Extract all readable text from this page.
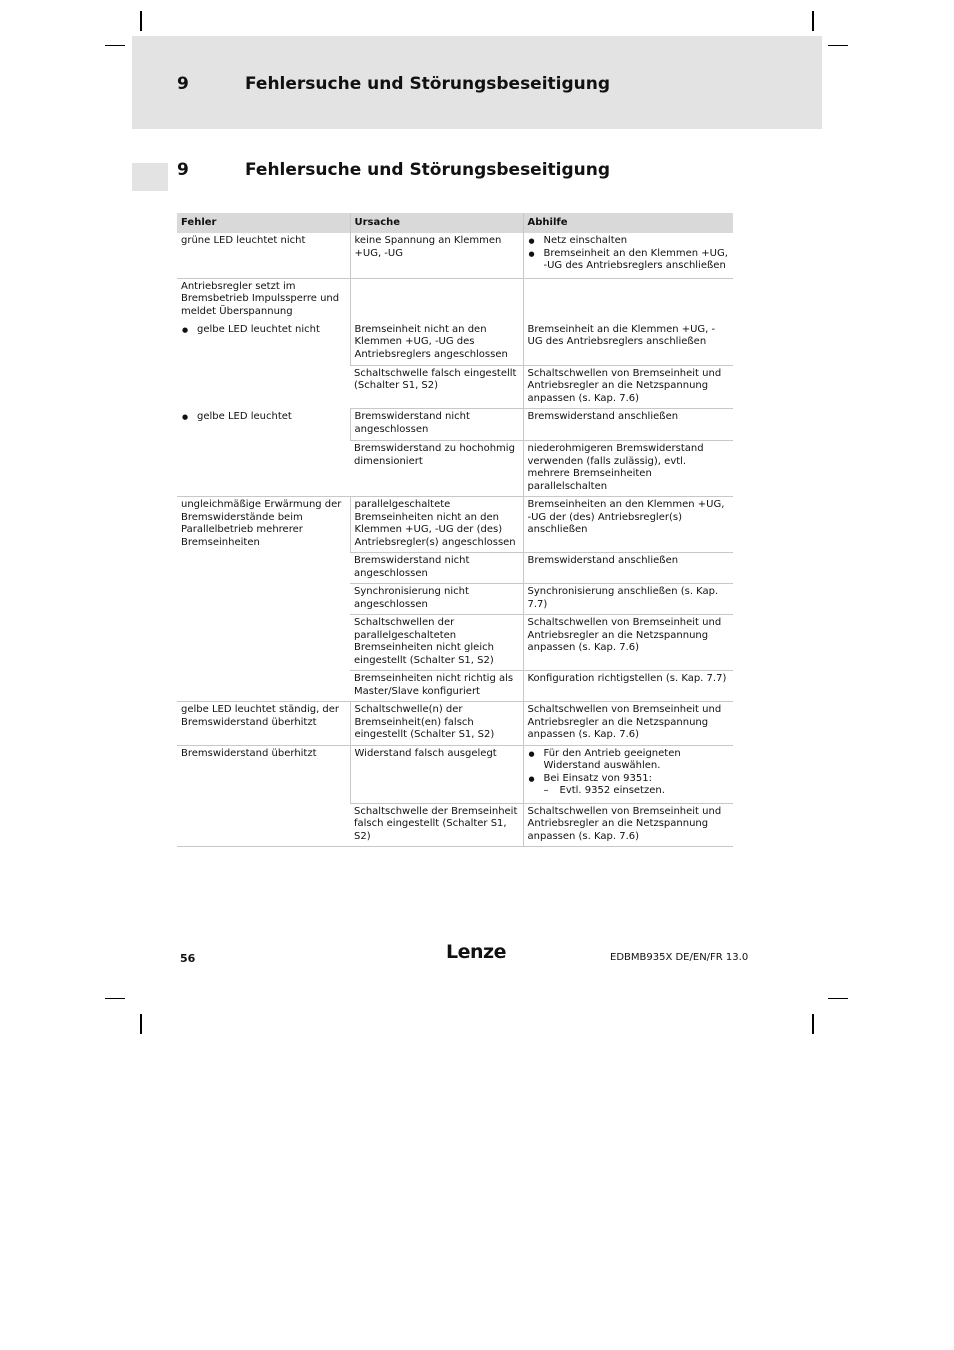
9	Fehlersuche und Störungsbeseitigung
9	Fehlersuche und Störungsbeseitigung
Fehler	Ursache	Abhilfe
grüne LED leuchtet nicht	keine Spannung an Klemmen +UG, -UG	● Netz einschalten
● Bremseinheit an den Klemmen +UG, -UG des Antriebsreglers anschließen

Antriebsregler setzt im Bremsbetrieb Impulssperre und meldet Überspannung
● gelbe LED leuchtet nicht	Bremseinheit nicht an den Klemmen +UG, -UG des Antriebsreglers angeschlossen	Bremseinheit an die Klemmen +UG, -UG des Antriebsreglers anschließen
	Schaltschwelle falsch eingestellt (Schalter S1, S2)	Schaltschwellen von Bremseinheit und Antriebsregler an die Netzspannung anpassen (s. Kap. 7.6)

● gelbe LED leuchtet	Bremswiderstand nicht angeschlossen	Bremswiderstand anschließen
	Bremswiderstand zu hochohmig dimensioniert	niederohmigeren Bremswiderstand verwenden (falls zulässig), evtl. mehrere Bremseinheiten parallelschalten
ungleichmäßige Erwärmung der Bremswiderstände beim Parallelbetrieb mehrerer Bremseinheiten	parallelgeschaltete Bremseinheiten nicht an den Klemmen +UG, -UG der (des) Antriebsregler(s) angeschlossen	Bremseinheiten an den Klemmen +UG, -UG der (des) Antriebsregler(s) anschließen
	Bremswiderstand nicht angeschlossen	Bremswiderstand anschließen
	Synchronisierung nicht angeschlossen	Synchronisierung anschließen (s. Kap. 7.7)
	Schaltschwellen der parallelgeschalteten Bremseinheiten nicht gleich eingestellt (Schalter S1, S2)	Schaltschwellen von Bremseinheit und Antriebsregler an die Netzspannung anpassen (s. Kap. 7.6)
	Bremseinheiten nicht richtig als Master/Slave konfiguriert	Konfiguration richtigstellen (s. Kap. 7.7)
gelbe LED leuchtet ständig, der Bremswiderstand überhitzt	Schaltschwelle(n) der Bremseinheit(en) falsch eingestellt (Schalter S1, S2)	Schaltschwellen von Bremseinheit und Antriebsregler an die Netzspannung anpassen (s. Kap. 7.6)
Bremswiderstand überhitzt	Widerstand falsch ausgelegt	● Für den Antrieb geeigneten Widerstand auswählen.
● Bei Einsatz von 9351:
– Evtl. 9352 einsetzen.

	Schaltschwelle der Bremseinheit falsch eingestellt (Schalter S1, S2)	Schaltschwellen von Bremseinheit und Antriebsregler an die Netzspannung anpassen (s. Kap. 7.6)
56	Lenze	EDBMB935X DE/EN/FR 13.0
